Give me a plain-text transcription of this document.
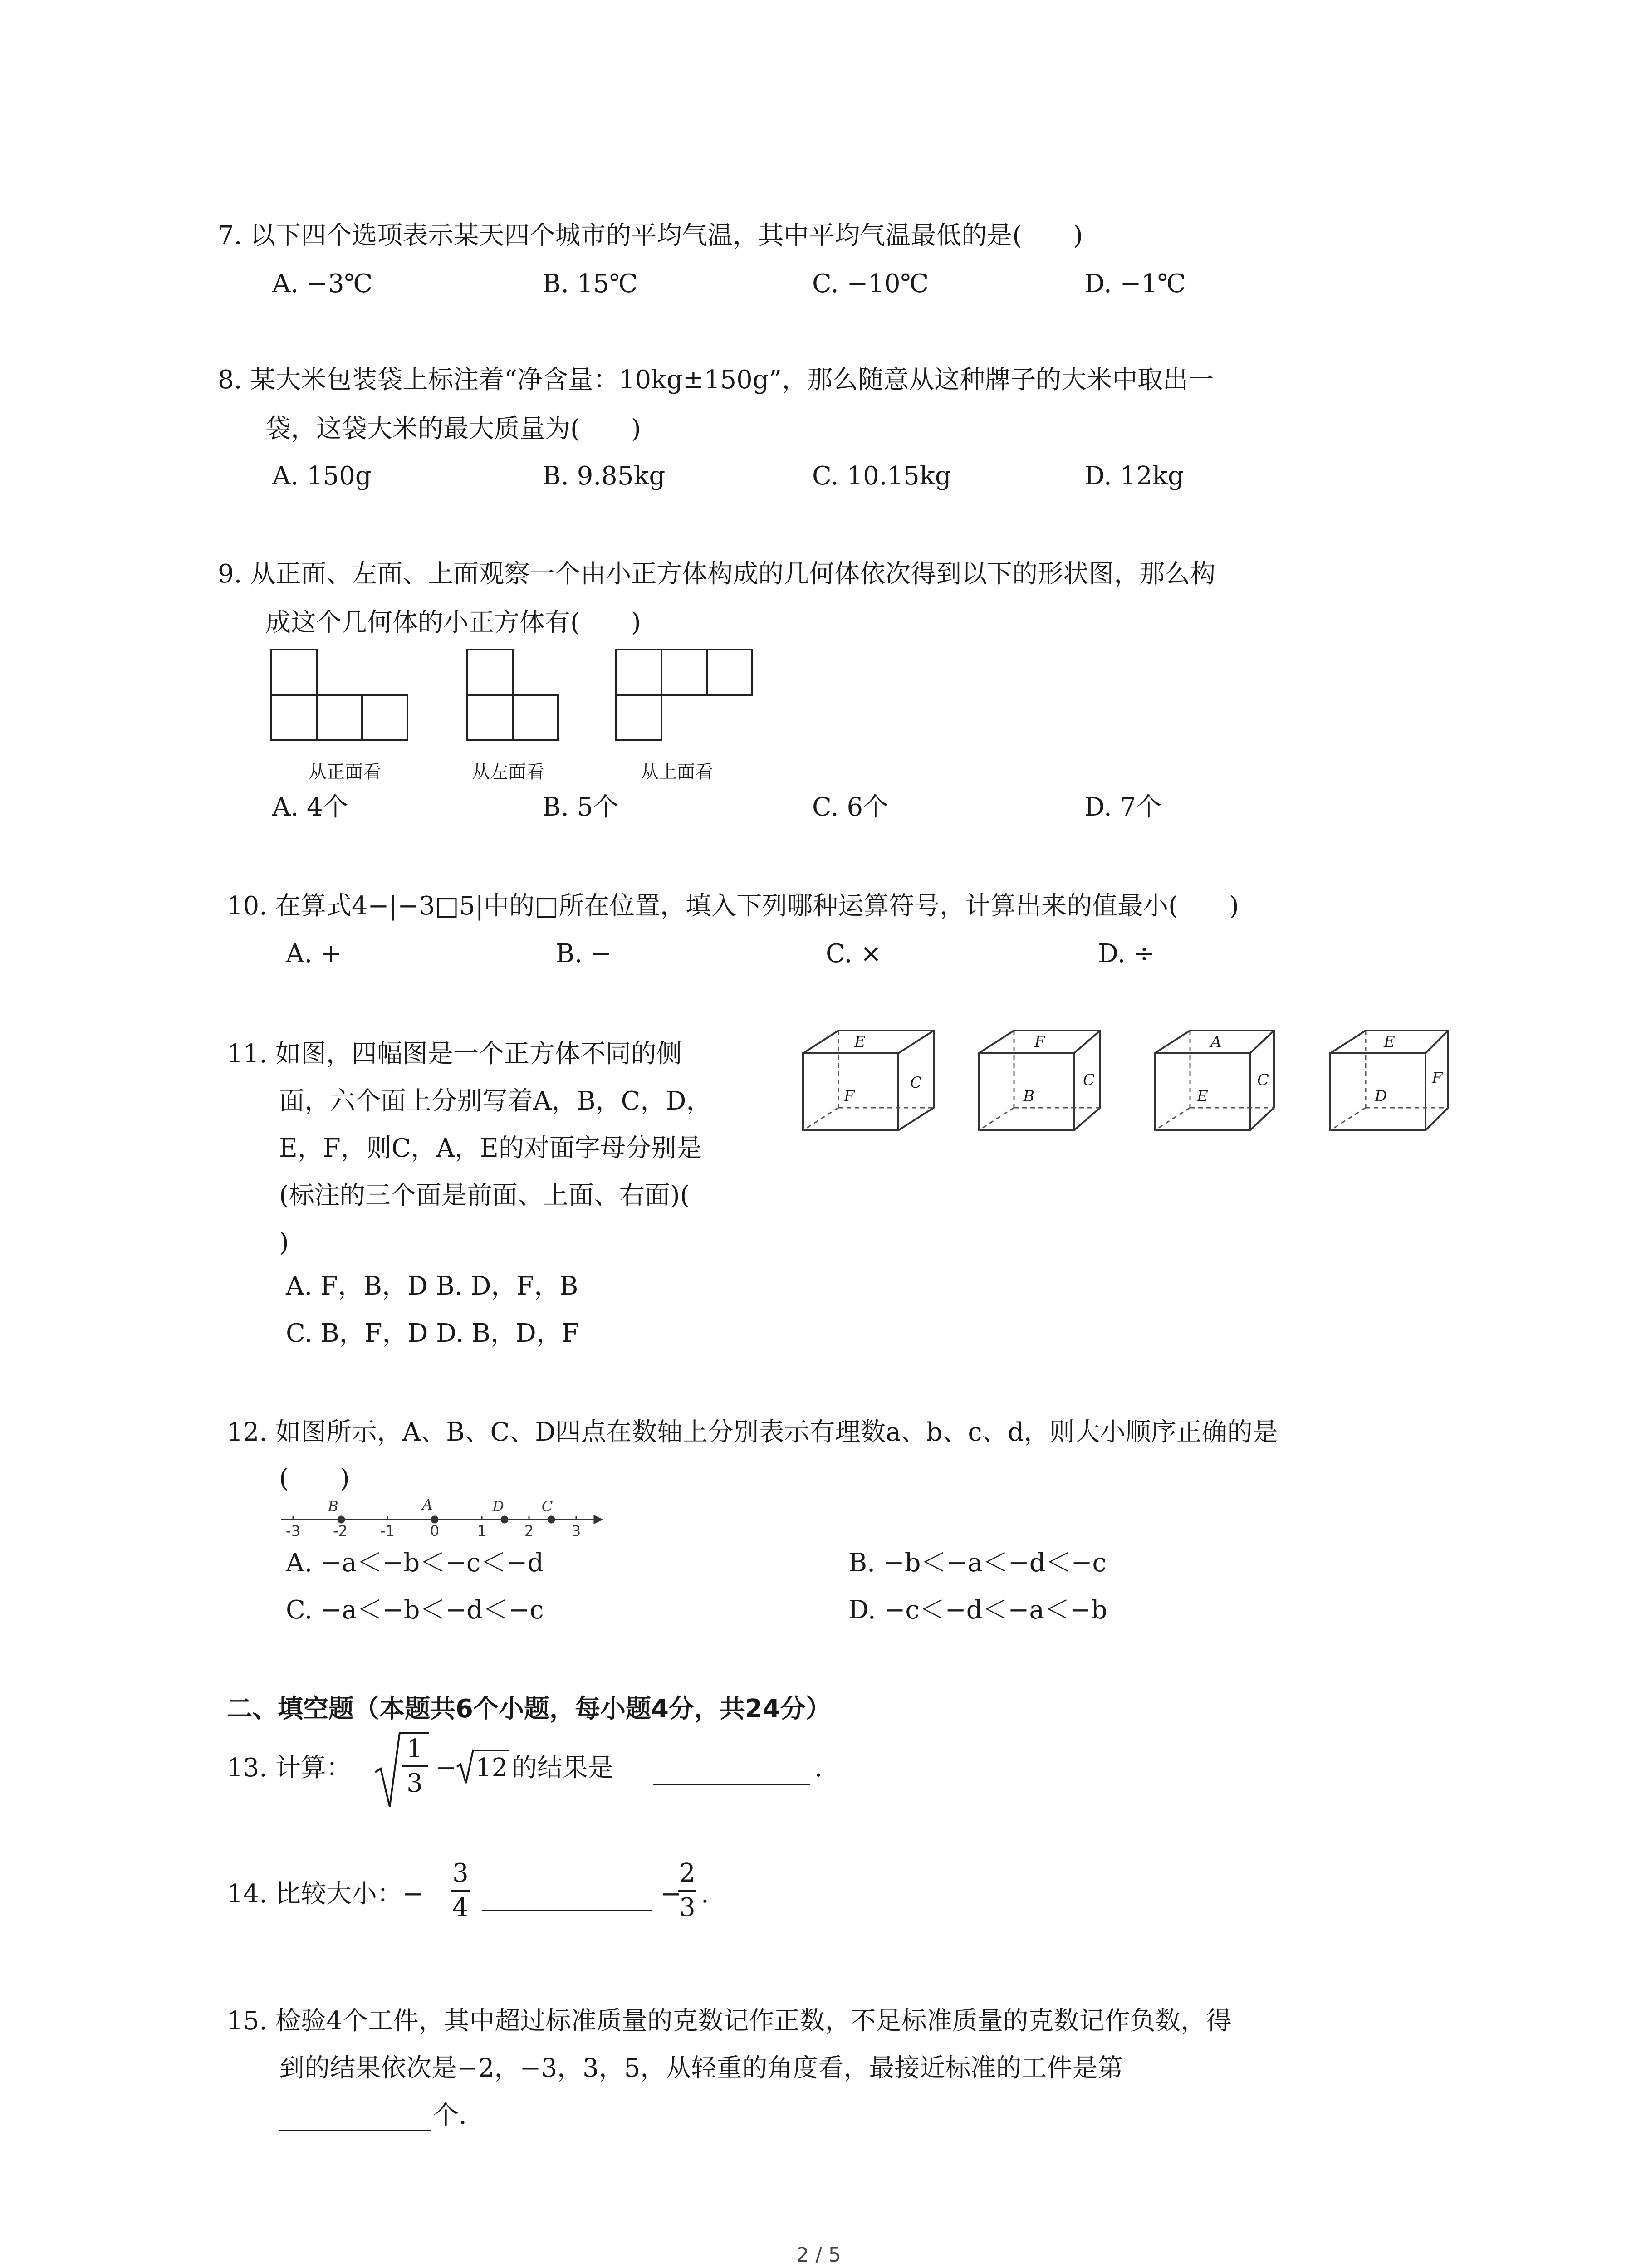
7. 以下四个选项表示某天四个城市的平均气温，其中平均气温最低的是(　　)
A. −3℃	B. 15℃	C. −10℃	D. −1℃
8. 某大米包装袋上标注着“净含量：10kg±150g”，那么随意从这种牌子的大米中取出一
袋，这袋大米的最大质量为(　　)
A. 150g	B. 9.85kg	C. 10.15kg	D. 12kg
9. 从正面、左面、上面观察一个由小正方体构成的几何体依次得到以下的形状图，那么构
成这个几何体的小正方体有(　　)
从正面看	从左面看	从上面看
A. 4个	B. 5个	C. 6个	D. 7个
10. 在算式4−|−3□5|中的□所在位置，填入下列哪种运算符号，计算出来的值最小(　　)
A. +	B. −	C. ×	D. ÷
11. 如图，四幅图是一个正方体不同的侧
面，六个面上分别写着A，B，C，D，
E，F，则C，A，E的对面字母分别是
(标注的三个面是前面、上面、右面)(
)
A. F，B，D B. D，F，B
C. B，F，D D. B，D，F
E
F
C
F
B
C
A
E
C
E
D
F
12. 如图所示，A、B、C、D四点在数轴上分别表示有理数a、b、c、d，则大小顺序正确的是
(　　)
-3 -2 -1 0	1	2	3
B	A	D	C
A. −a＜−b＜−c＜−d	B. −b＜−a＜−d＜−c
C. −a＜−b＜−d＜−c	D. −c＜−d＜−a＜−b
二、填空题（本题共6个小题，每小题4分，共24分）
13. 计算：
1
3
− 12 的结果是	.
14. 比较大小：−
3
4	−
2
3 .
15. 检验4个工件，其中超过标准质量的克数记作正数，不足标准质量的克数记作负数，得
到的结果依次是−2，−3，3，5，从轻重的角度看，最接近标准的工件是第
个.
2 / 5
